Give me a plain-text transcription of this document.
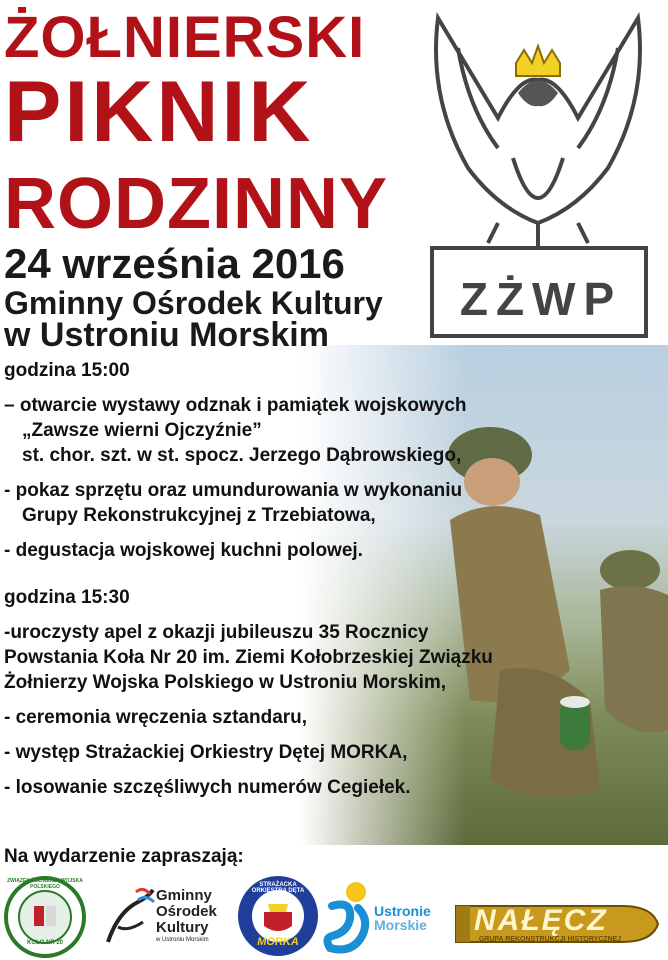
ŻOŁNIERSKI
PIKNIK
RODZINNY
24 września 2016
Gminny Ośrodek Kultury
w Ustroniu Morskim
ZŻWP
godzina 15:00
– otwarcie wystawy odznak i pamiątek wojskowych
„Zawsze wierni Ojczyźnie”
st. chor. szt. w st. spocz. Jerzego Dąbrowskiego,
- pokaz sprzętu oraz umundurowania w wykonaniu
Grupy Rekonstrukcyjnej z Trzebiatowa,
- degustacja wojskowej kuchni polowej.
godzina 15:30
-uroczysty apel z okazji jubileuszu 35 Rocznicy
Powstania Koła Nr 20 im. Ziemi Kołobrzeskiej Związku
Żołnierzy Wojska Polskiego w Ustroniu Morskim,
- ceremonia wręczenia sztandaru,
- występ Strażackiej Orkiestry Dętej MORKA,
- losowanie szczęśliwych numerów Cegiełek.
Na wydarzenie zapraszają:
ZWIĄZEK ŻOŁNIERZY WOJSKA POLSKIEGO
KOŁO NR 20
Gminny
Ośrodek
Kultury
w Ustroniu Morskim
STRAŻACKA ORKIESTRA DĘTA
MORKA
Ustronie
Morskie NAŁĘCZ
GRUPA REKONSTRUKCJI HISTORYCZNEJ
